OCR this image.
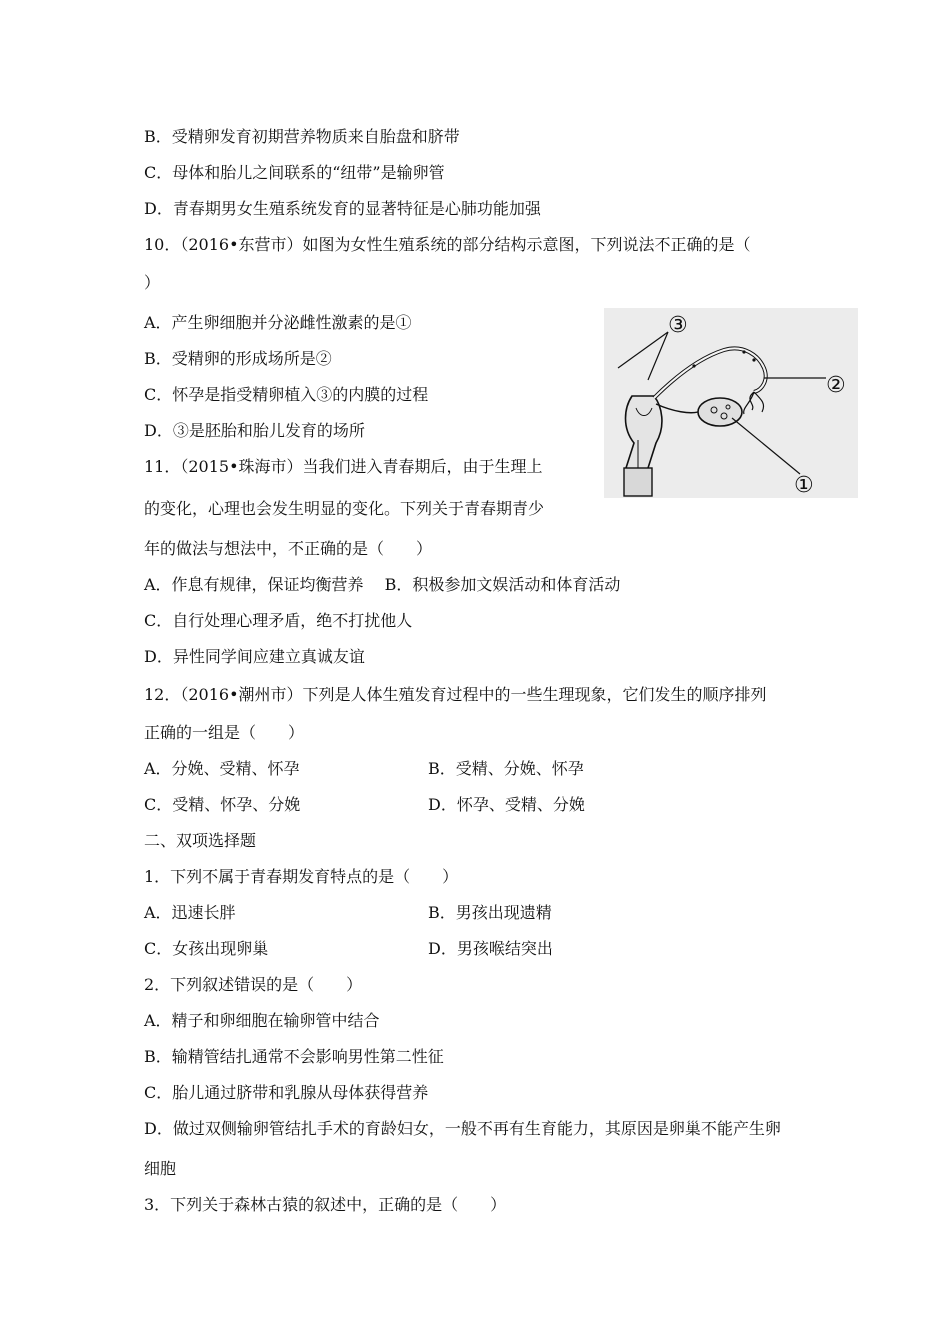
B．受精卵发育初期营养物质来自胎盘和脐带
C．母体和胎儿之间联系的“纽带”是输卵管
D．青春期男女生殖系统发育的显著特征是心肺功能加强
10．（2016•东营市）如图为女性生殖系统的部分结构示意图，下列说法不正确的是（
）
A．产生卵细胞并分泌雌性激素的是①
B．受精卵的形成场所是②
C．怀孕是指受精卵植入③的内膜的过程
D．③是胚胎和胎儿发育的场所
11．（2015•珠海市）当我们进入青春期后，由于生理上
的变化，心理也会发生明显的变化。下列关于青春期青少
年的做法与想法中，不正确的是（　　）
A．作息有规律，保证均衡营养　 B．积极参加文娱活动和体育活动
C．自行处理心理矛盾，绝不打扰他人
D．异性同学间应建立真诚友谊
12．（2016•潮州市）下列是人体生殖发育过程中的一些生理现象，它们发生的顺序排列
正确的一组是（　　）
A．分娩、受精、怀孕	B．受精、分娩、怀孕
C．受精、怀孕、分娩	D．怀孕、受精、分娩
二、双项选择题
1．下列不属于青春期发育特点的是（　　）
A．迅速长胖	B．男孩出现遗精
C．女孩出现卵巢	D．男孩喉结突出
2．下列叙述错误的是（　　）
A．精子和卵细胞在输卵管中结合
B．输精管结扎通常不会影响男性第二性征
C．胎儿通过脐带和乳腺从母体获得营养
D．做过双侧输卵管结扎手术的育龄妇女，一般不再有生育能力，其原因是卵巢不能产生卵
细胞
3．下列关于森林古猿的叙述中，正确的是（　　）
③
②
①
